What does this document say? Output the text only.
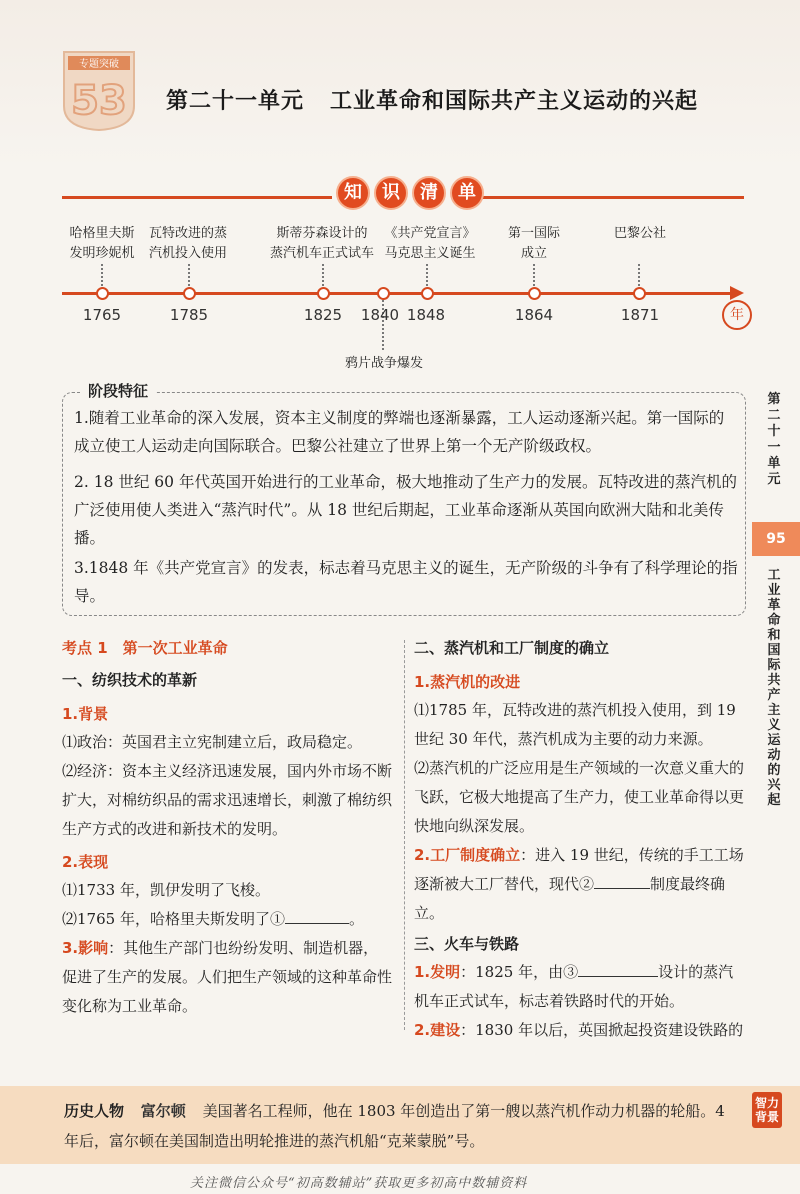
专题突破
53 第二十一单元 工业革命和国际共产主义运动的兴起
知	识	清	单
年
哈格里夫斯
发明珍妮机
瓦特改进的蒸
汽机投入使用
斯蒂芬森设计的
蒸汽机车正式试车
《共产党宣言》
马克思主义诞生
第一国际
成立
巴黎公社
1765	1785	1825 1840 1848	1864	1871
鸦片战争爆发
阶段特征
1.随着工业革命的深入发展，资本主义制度的弊端也逐渐暴露，工人运动逐渐兴起。第一国际的成立使工人运动走向国际联合。巴黎公社建立了世界上第一个无产阶级政权。
2. 18 世纪 60 年代英国开始进行的工业革命，极大地推动了生产力的发展。瓦特改进的蒸汽机的广泛使用使人类进入“蒸汽时代”。从 18 世纪后期起，工业革命逐渐从英国向欧洲大陆和北美传播。
3.1848 年《共产党宣言》的发表，标志着马克思主义的诞生，无产阶级的斗争有了科学理论的指导。
考点 1　第一次工业革命
一、纺织技术的革新
1.背景
⑴政治：英国君主立宪制建立后，政局稳定。
⑵经济：资本主义经济迅速发展，国内外市场不断扩大，对棉纺织品的需求迅速增长，刺激了棉纺织生产方式的改进和新技术的发明。
2.表现
⑴1733 年，凯伊发明了飞梭。
⑵1765 年，哈格里夫斯发明了①	。
3.影响：其他生产部门也纷纷发明、制造机器，促进了生产的发展。人们把生产领域的这种革命性变化称为工业革命。
二、蒸汽机和工厂制度的确立
1.蒸汽机的改进
⑴1785 年，瓦特改进的蒸汽机投入使用，到 19 世纪 30 年代，蒸汽机成为主要的动力来源。
⑵蒸汽机的广泛应用是生产领域的一次意义重大的飞跃，它极大地提高了生产力，使工业革命得以更快地向纵深发展。
2.工厂制度确立：进入 19 世纪，传统的手工工场逐渐被大工厂替代，现代②	制度最终确立。
三、火车与铁路
1.发明：1825 年，由③	设计的蒸汽机车正式试车，标志着铁路时代的开始。
2.建设：1830 年以后，英国掀起投资建设铁路的
第
二
十
一
单
元
95
工
业
革
命
和
国
际
共
产
主
义
运
动
的
兴
起
历史人物 富尔顿 美国著名工程师，他在 1803 年创造出了第一艘以蒸汽机作动力机器的轮船。4 年后，富尔顿在美国制造出明轮推进的蒸汽机船“克莱蒙脱”号。
智力背景
关注微信公众号“初高数辅站”获取更多初高中数辅资料
